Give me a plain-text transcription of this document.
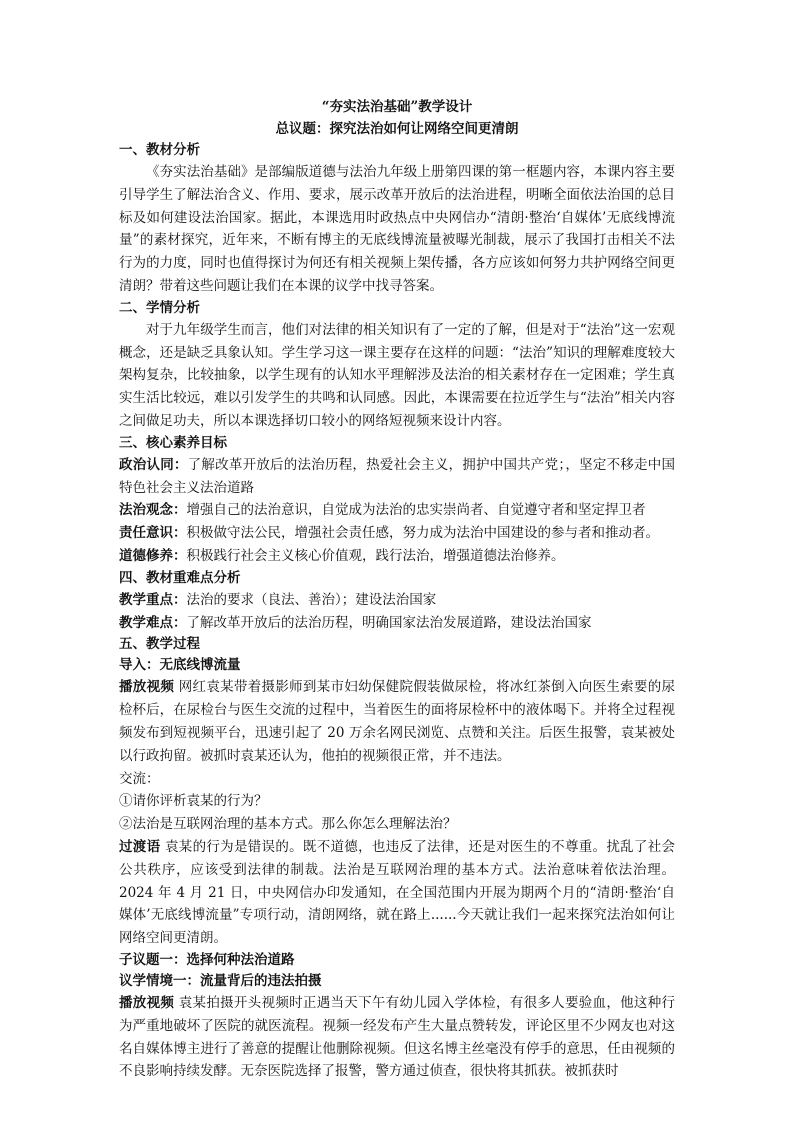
“夯实法治基础”教学设计
总议题：探究法治如何让网络空间更清朗
一、教材分析

《夯实法治基础》是部编版道德与法治九年级上册第四课的第一框题内容，本课内容主要引导学生了解法治含义、作用、要求，展示改革开放后的法治进程，明晰全面依法治国的总目标及如何建设法治国家。据此，本课选用时政热点中央网信办“清朗·整治‘自媒体’无底线博流量”的素材探究，近年来，不断有博主的无底线博流量被曝光制裁，展示了我国打击相关不法行为的力度，同时也值得探讨为何还有相关视频上架传播，各方应该如何努力共护网络空间更清朗？带着这些问题让我们在本课的议学中找寻答案。

二、学情分析

对于九年级学生而言，他们对法律的相关知识有了一定的了解，但是对于“法治”这一宏观概念，还是缺乏具象认知。学生学习这一课主要存在这样的问题：“法治”知识的理解难度较大架构复杂，比较抽象，以学生现有的认知水平理解涉及法治的相关素材存在一定困难；学生真实生活比较远，难以引发学生的共鸣和认同感。因此，本课需要在拉近学生与“法治”相关内容之间做足功夫，所以本课选择切口较小的网络短视频来设计内容。

三、核心素养目标

政治认同：了解改革开放后的法治历程，热爱社会主义，拥护中国共产党；，坚定不移走中国特色社会主义法治道路

法治观念：增强自己的法治意识，自觉成为法治的忠实崇尚者、自觉遵守者和坚定捍卫者

责任意识：积极做守法公民，增强社会责任感，努力成为法治中国建设的参与者和推动者。

道德修养：积极践行社会主义核心价值观，践行法治，增强道德法治修养。

四、教材重难点分析

教学重点：法治的要求（良法、善治）；建设法治国家

教学难点：了解改革开放后的法治历程，明确国家法治发展道路，建设法治国家

五、教学过程
导入：无底线博流量

播放视频 网红袁某带着摄影师到某市妇幼保健院假装做尿检，将冰红茶倒入向医生索要的尿检杯后，在尿检台与医生交流的过程中，当着医生的面将尿检杯中的液体喝下。并将全过程视频发布到短视频平台，迅速引起了 20 万余名网民浏览、点赞和关注。后医生报警，袁某被处以行政拘留。被抓时袁某还认为，他拍的视频很正常，并不违法。

交流：

①请你评析袁某的行为？

②法治是互联网治理的基本方式。那么你怎么理解法治？

过渡语 袁某的行为是错误的。既不道德，也违反了法律，还是对医生的不尊重。扰乱了社会公共秩序，应该受到法律的制裁。法治是互联网治理的基本方式。法治意味着依法治理。2024 年 4 月 21 日，中央网信办印发通知，在全国范围内开展为期两个月的“清朗·整治‘自媒体’无底线博流量”专项行动，清朗网络，就在路上......今天就让我们一起来探究法治如何让网络空间更清朗。

子议题一：选择何种法治道路
议学情境一：流量背后的违法拍摄

播放视频 袁某拍摄开头视频时正遇当天下午有幼儿园入学体检，有很多人要验血，他这种行为严重地破坏了医院的就医流程。视频一经发布产生大量点赞转发，评论区里不少网友也对这名自媒体博主进行了善意的提醒让他删除视频。但这名博主丝毫没有停手的意思，任由视频的不良影响持续发酵。无奈医院选择了报警，警方通过侦查，很快将其抓获。被抓获时
